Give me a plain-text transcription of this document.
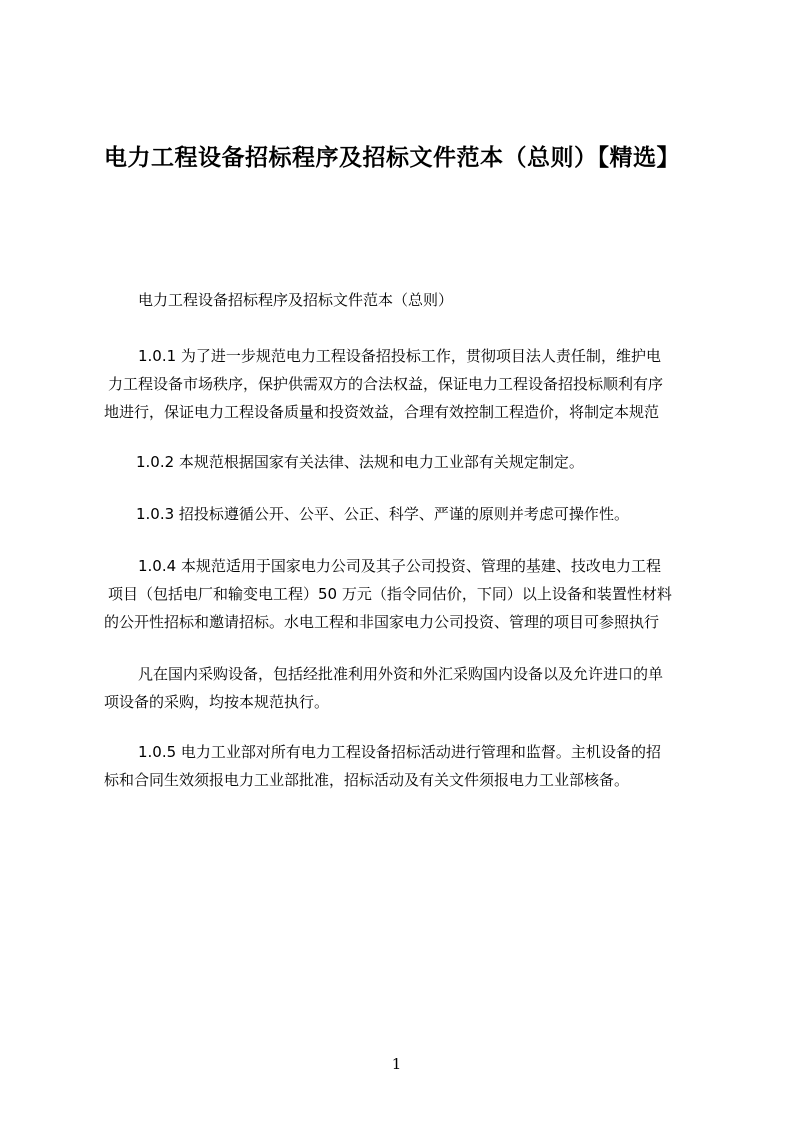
电力工程设备招标程序及招标文件范本（总则）【精选】
电力工程设备招标程序及招标文件范本（总则）
1.0.1 为了进一步规范电力工程设备招投标工作，贯彻项目法人责任制，维护电
力工程设备市场秩序，保护供需双方的合法权益，保证电力工程设备招投标顺利有序
地进行，保证电力工程设备质量和投资效益，合理有效控制工程造价，将制定本规范
1.0.2 本规范根据国家有关法律、法规和电力工业部有关规定制定。
1.0.3 招投标遵循公开、公平、公正、科学、严谨的原则并考虑可操作性。
1.0.4 本规范适用于国家电力公司及其子公司投资、管理的基建、技改电力工程
项目（包括电厂和输变电工程）50 万元（指令同估价，下同）以上设备和装置性材料
的公开性招标和邀请招标。水电工程和非国家电力公司投资、管理的项目可参照执行
凡在国内采购设备，包括经批准利用外资和外汇采购国内设备以及允许进口的单
项设备的采购，均按本规范执行。
1.0.5 电力工业部对所有电力工程设备招标活动进行管理和监督。主机设备的招
标和合同生效须报电力工业部批准，招标活动及有关文件须报电力工业部核备。
1
